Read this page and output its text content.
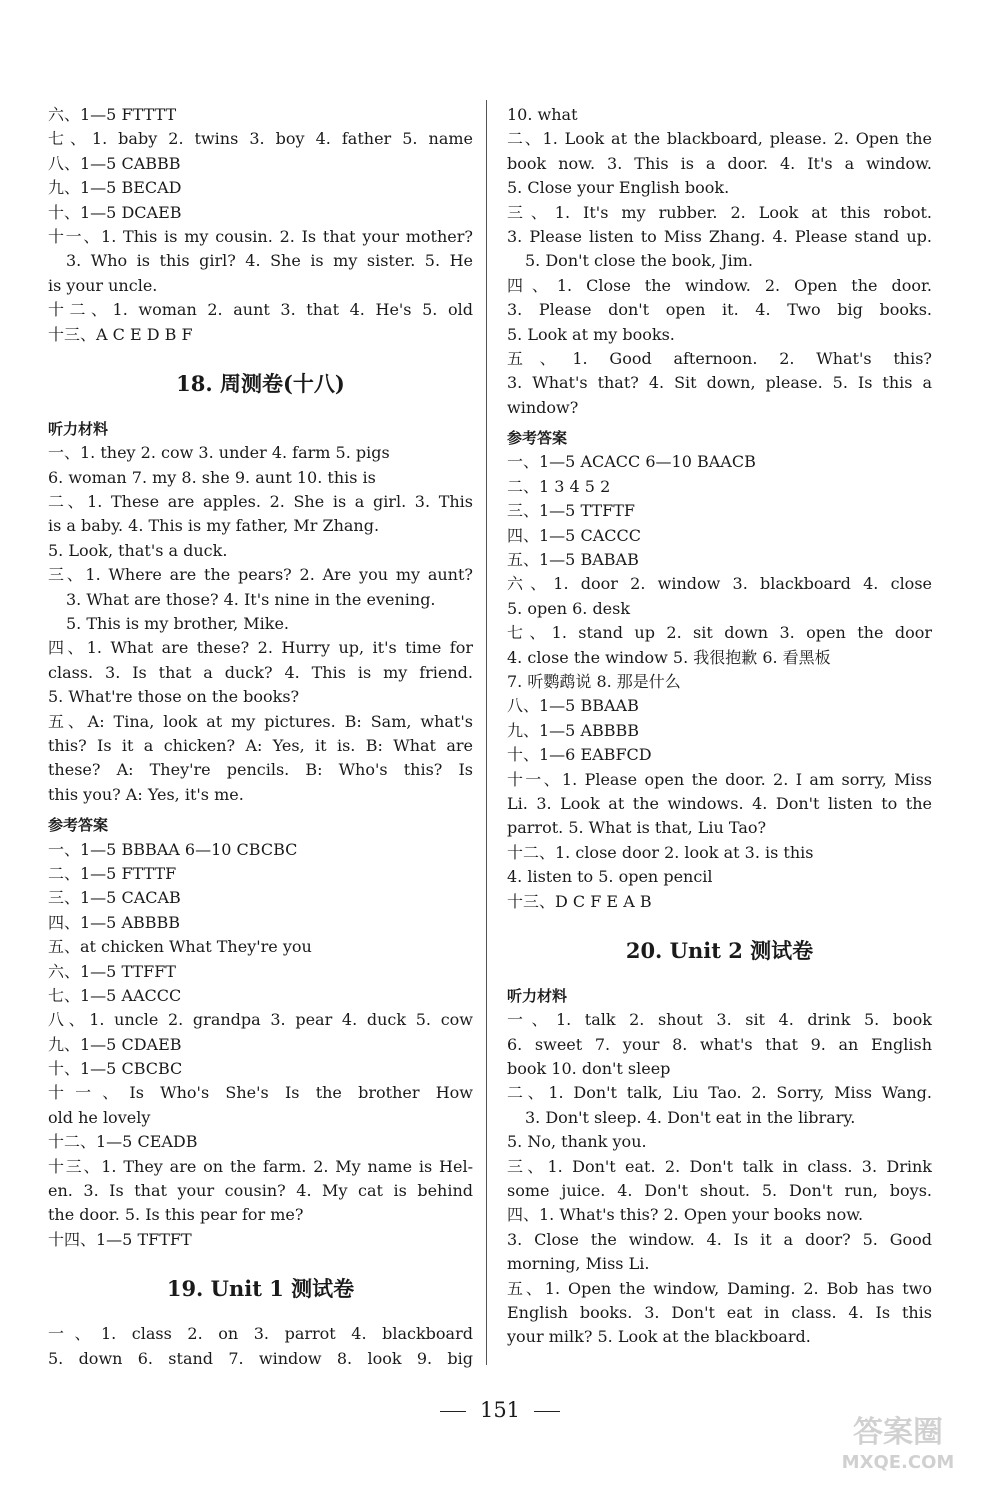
六、1—5 FTTTT
七、1. baby 2. twins 3. boy 4. father 5. name
八、1—5 CABBB
九、1—5 BECAD
十、1—5 DCAEB
十一、1. This is my cousin. 2. Is that your mother?
3. Who is this girl? 4. She is my sister. 5. He
is your uncle.
十二、1. woman 2. aunt 3. that 4. He's 5. old
十三、A C E D B F
18. 周测卷(十八)
听力材料
一、1. they 2. cow 3. under 4. farm 5. pigs
6. woman 7. my 8. she 9. aunt 10. this is
二、1. These are apples. 2. She is a girl. 3. This
is a baby. 4. This is my father, Mr Zhang.
5. Look, that's a duck.
三、1. Where are the pears? 2. Are you my aunt?
3. What are those? 4. It's nine in the evening.
5. This is my brother, Mike.
四、1. What are these? 2. Hurry up, it's time for
class. 3. Is that a duck? 4. This is my friend.
5. What're those on the books?
五、A: Tina, look at my pictures. B: Sam, what's
this? Is it a chicken? A: Yes, it is. B: What are
these? A: They're pencils. B: Who's this? Is
this you? A: Yes, it's me.
参考答案
一、1—5 BBBAA 6—10 CBCBC
二、1—5 FTTTF
三、1—5 CACAB
四、1—5 ABBBB
五、at chicken What They're you
六、1—5 TTFFT
七、1—5 AACCC
八、1. uncle 2. grandpa 3. pear 4. duck 5. cow
九、1—5 CDAEB
十、1—5 CBCBC
十一、Is Who's She's Is the brother How
old he lovely
十二、1—5 CEADB
十三、1. They are on the farm. 2. My name is Hel-
en. 3. Is that your cousin? 4. My cat is behind
the door. 5. Is this pear for me?
十四、1—5 TFTFT
19. Unit 1 测试卷
一、1. class 2. on 3. parrot 4. blackboard
5. down 6. stand 7. window 8. look 9. big
10. what
二、1. Look at the blackboard, please. 2. Open the
book now. 3. This is a door. 4. It's a window.
5. Close your English book.
三、1. It's my rubber. 2. Look at this robot.
3. Please listen to Miss Zhang. 4. Please stand up.
5. Don't close the book, Jim.
四、1. Close the window. 2. Open the door.
3. Please don't open it. 4. Two big books.
5. Look at my books.
五、1. Good afternoon. 2. What's this?
3. What's that? 4. Sit down, please. 5. Is this a
window?
参考答案
一、1—5 ACACC 6—10 BAACB
二、1 3 4 5 2
三、1—5 TTFTF
四、1—5 CACCC
五、1—5 BABAB
六、1. door 2. window 3. blackboard 4. close
5. open 6. desk
七、1. stand up 2. sit down 3. open the door
4. close the window 5. 我很抱歉 6. 看黑板
7. 听鹦鹉说 8. 那是什么
八、1—5 BBAAB
九、1—5 ABBBB
十、1—6 EABFCD
十一、1. Please open the door. 2. I am sorry, Miss
Li. 3. Look at the windows. 4. Don't listen to the
parrot. 5. What is that, Liu Tao?
十二、1. close door 2. look at 3. is this
4. listen to 5. open pencil
十三、D C F E A B
20. Unit 2 测试卷
听力材料
一、1. talk 2. shout 3. sit 4. drink 5. book
6. sweet 7. your 8. what's that 9. an English
book 10. don't sleep
二、1. Don't talk, Liu Tao. 2. Sorry, Miss Wang.
3. Don't sleep. 4. Don't eat in the library.
5. No, thank you.
三、1. Don't eat. 2. Don't talk in class. 3. Drink
some juice. 4. Don't shout. 5. Don't run, boys.
四、1. What's this? 2. Open your books now.
3. Close the window. 4. Is it a door? 5. Good
morning, Miss Li.
五、1. Open the window, Daming. 2. Bob has two
English books. 3. Don't eat in class. 4. Is this
your milk? 5. Look at the blackboard.
151
答案圈
MXQE.COM
